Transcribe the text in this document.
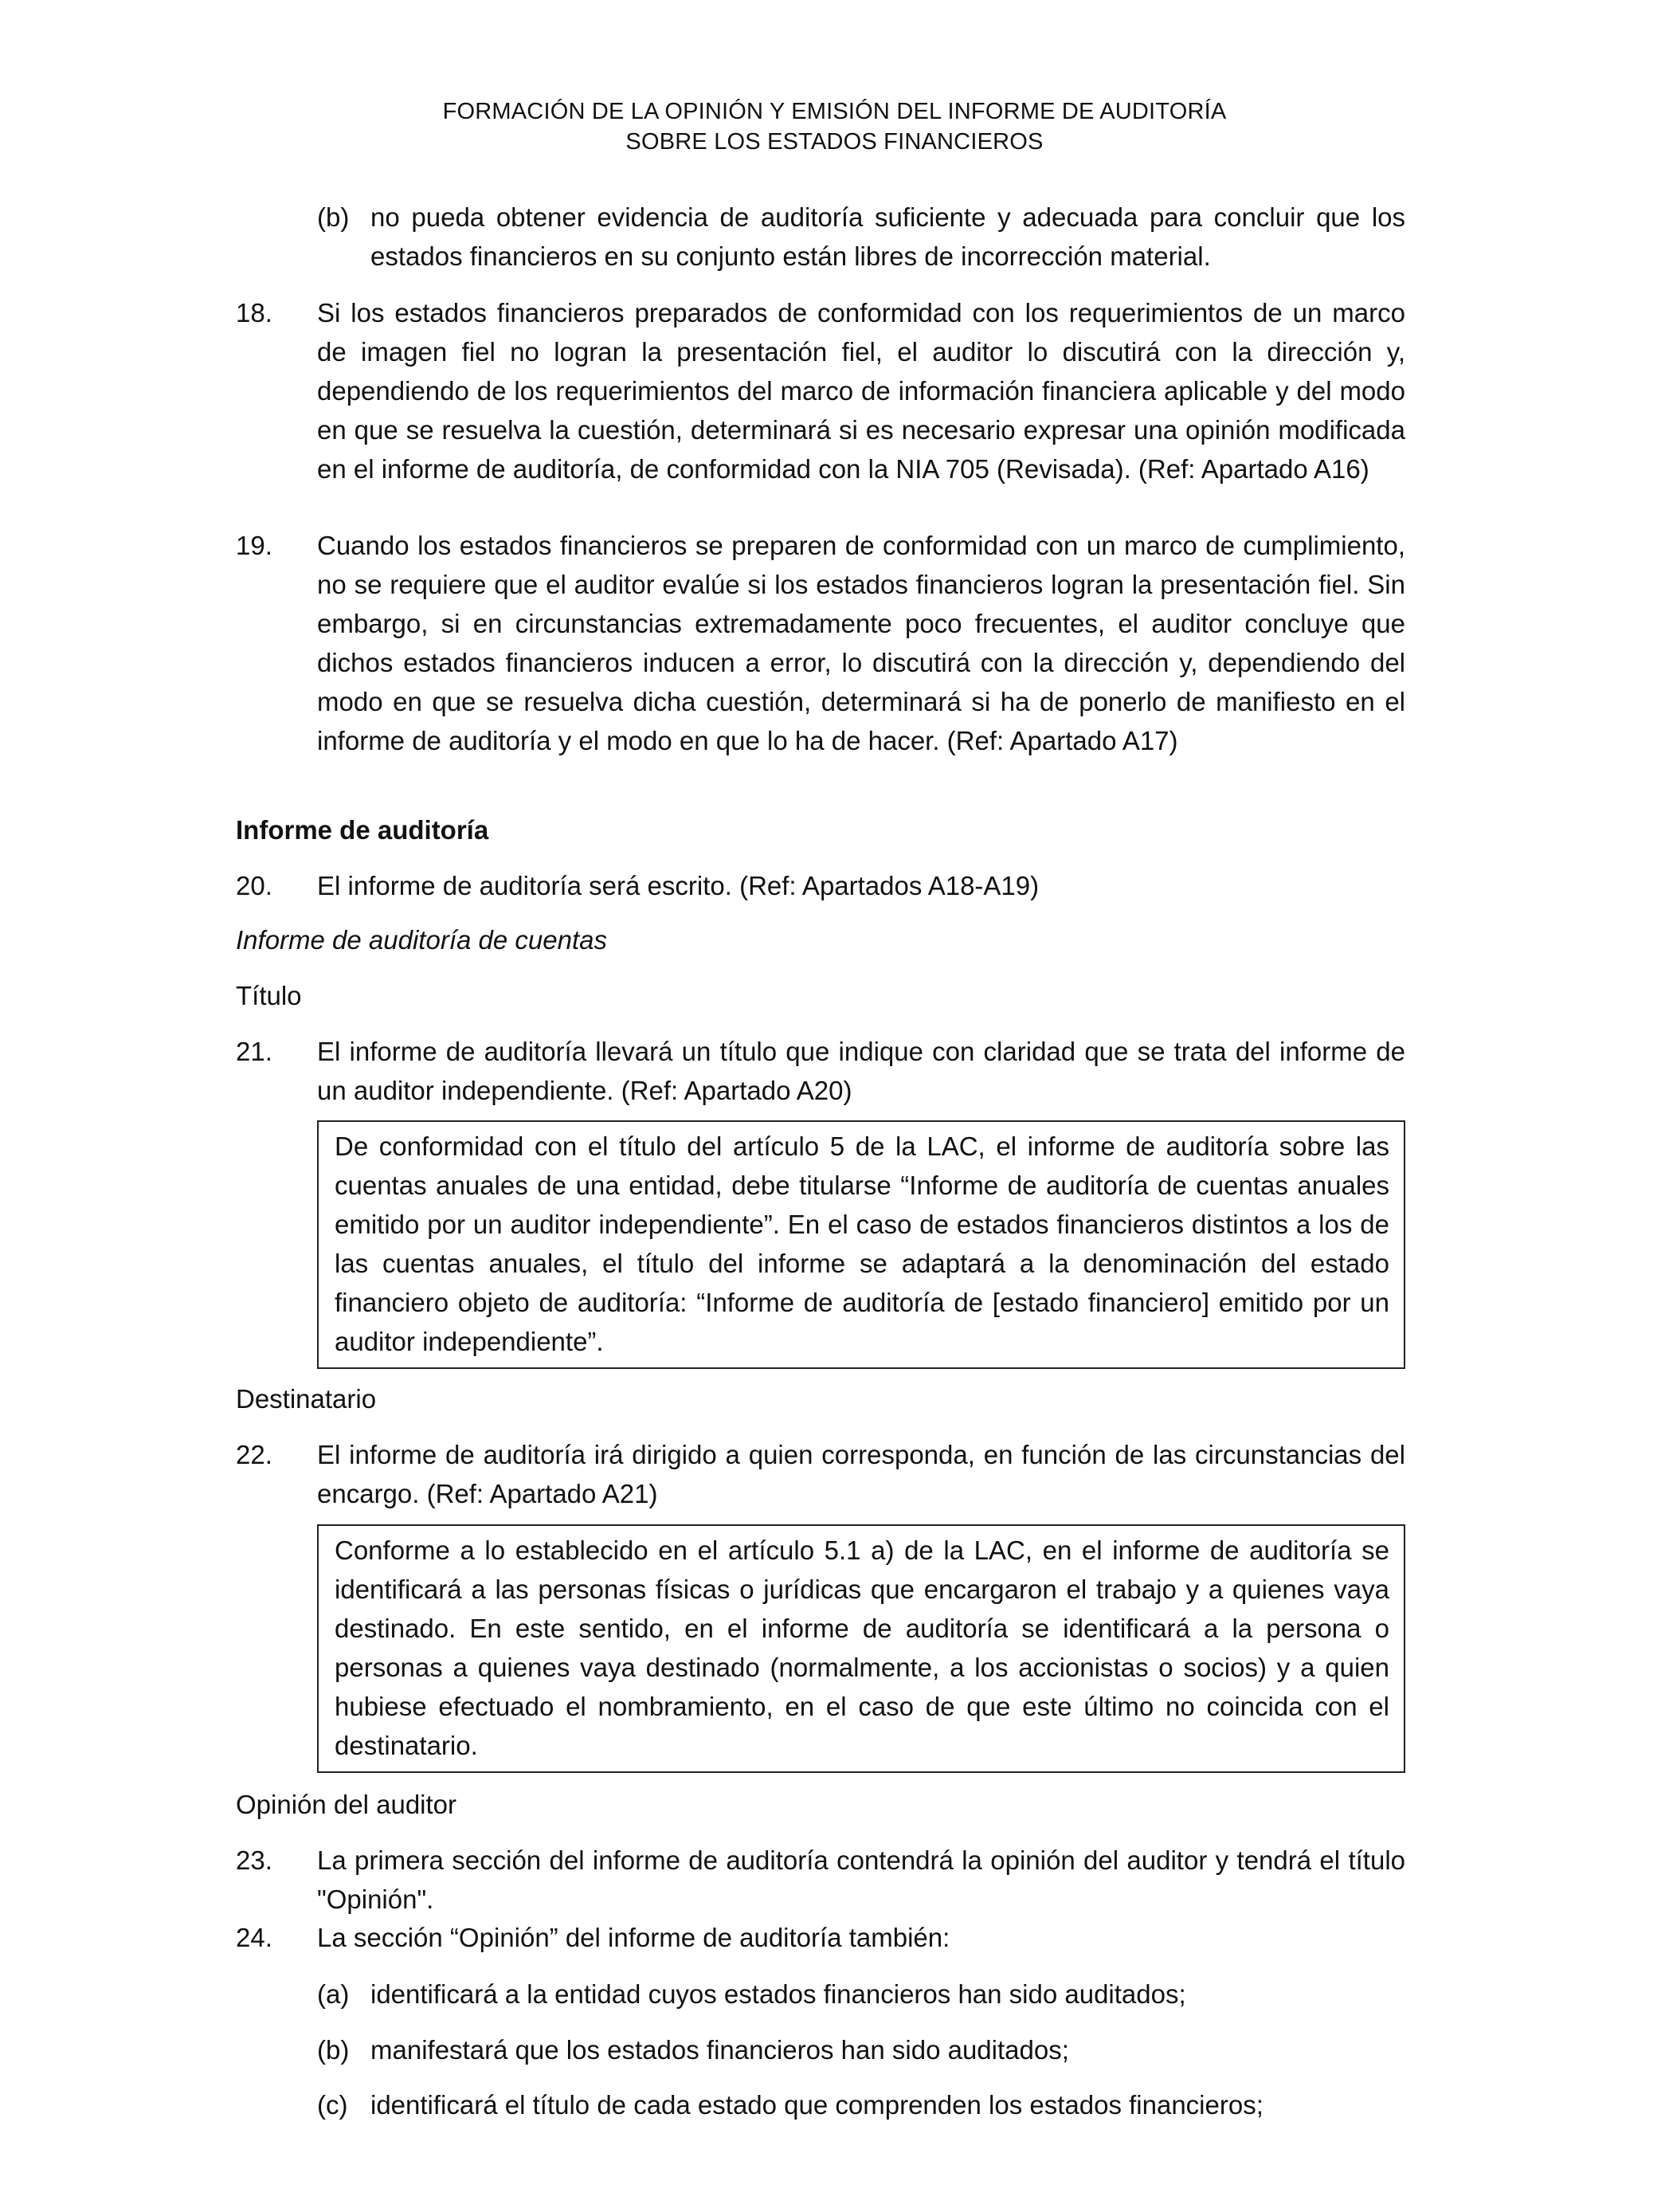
FORMACIÓN DE LA OPINIÓN Y EMISIÓN DEL INFORME DE AUDITORÍA
SOBRE LOS ESTADOS FINANCIEROS
(b) no pueda obtener evidencia de auditoría suficiente y adecuada para concluir que los estados financieros en su conjunto están libres de incorrección material.
18. Si los estados financieros preparados de conformidad con los requerimientos de un marco de imagen fiel no logran la presentación fiel, el auditor lo discutirá con la dirección y, dependiendo de los requerimientos del marco de información financiera aplicable y del modo en que se resuelva la cuestión, determinará si es necesario expresar una opinión modificada en el informe de auditoría, de conformidad con la NIA 705 (Revisada). (Ref: Apartado A16)
19. Cuando los estados financieros se preparen de conformidad con un marco de cumplimiento, no se requiere que el auditor evalúe si los estados financieros logran la presentación fiel. Sin embargo, si en circunstancias extremadamente poco frecuentes, el auditor concluye que dichos estados financieros inducen a error, lo discutirá con la dirección y, dependiendo del modo en que se resuelva dicha cuestión, determinará si ha de ponerlo de manifiesto en el informe de auditoría y el modo en que lo ha de hacer. (Ref: Apartado A17)
Informe de auditoría
20. El informe de auditoría será escrito. (Ref: Apartados A18-A19)
Informe de auditoría de cuentas
Título
21. El informe de auditoría llevará un título que indique con claridad que se trata del informe de un auditor independiente. (Ref: Apartado A20)

De conformidad con el título del artículo 5 de la LAC, el informe de auditoría sobre las cuentas anuales de una entidad, debe titularse “Informe de auditoría de cuentas anuales emitido por un auditor independiente”. En el caso de estados financieros distintos a los de las cuentas anuales, el título del informe se adaptará a la denominación del estado financiero objeto de auditoría: “Informe de auditoría de [estado financiero] emitido por un auditor independiente”.

Destinatario
22. El informe de auditoría irá dirigido a quien corresponda, en función de las circunstancias del encargo. (Ref: Apartado A21)

Conforme a lo establecido en el artículo 5.1 a) de la LAC, en el informe de auditoría se identificará a las personas físicas o jurídicas que encargaron el trabajo y a quienes vaya destinado. En este sentido, en el informe de auditoría se identificará a la persona o personas a quienes vaya destinado (normalmente, a los accionistas o socios) y a quien hubiese efectuado el nombramiento, en el caso de que este último no coincida con el destinatario.

Opinión del auditor
23. La primera sección del informe de auditoría contendrá la opinión del auditor y tendrá el título "Opinión".
24. La sección “Opinión” del informe de auditoría también:
(a) identificará a la entidad cuyos estados financieros han sido auditados;
(b) manifestará que los estados financieros han sido auditados;
(c) identificará el título de cada estado que comprenden los estados financieros;
